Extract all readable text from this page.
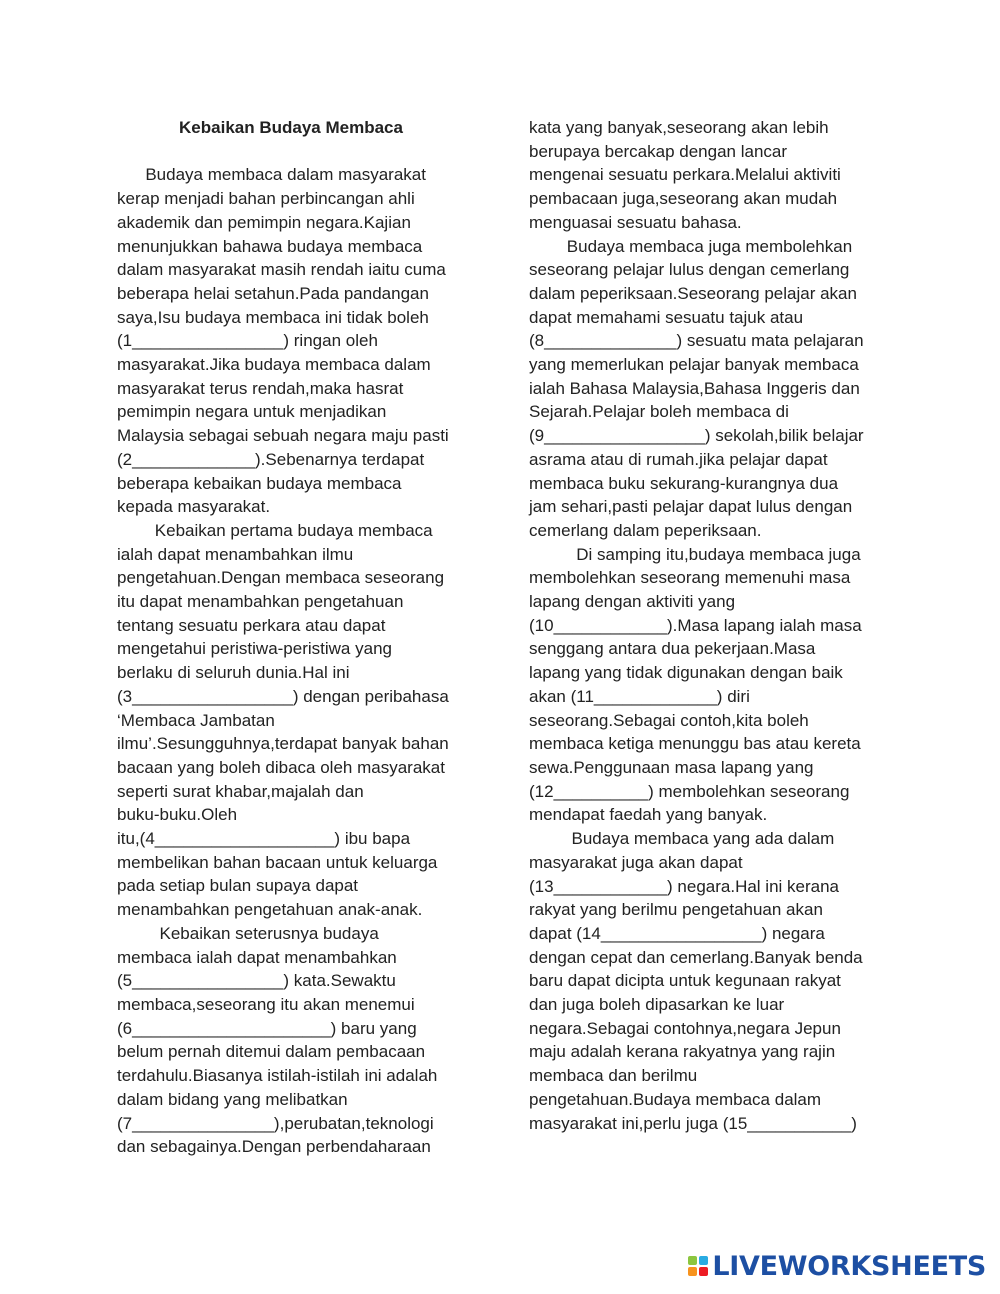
Kebaikan Budaya Membaca
Budaya membaca dalam masyarakat
kerap menjadi bahan perbincangan ahli
akademik dan pemimpin negara.Kajian
menunjukkan bahawa budaya membaca
dalam masyarakat masih rendah iaitu cuma
beberapa helai setahun.Pada pandangan
saya,Isu budaya membaca ini tidak boleh
(1________________) ringan oleh
masyarakat.Jika budaya membaca dalam
masyarakat terus rendah,maka hasrat
pemimpin negara untuk menjadikan
Malaysia sebagai sebuah negara maju pasti
(2_____________).Sebenarnya terdapat
beberapa kebaikan budaya membaca
kepada masyarakat.
Kebaikan pertama budaya membaca
ialah dapat menambahkan ilmu
pengetahuan.Dengan membaca seseorang
itu dapat menambahkan pengetahuan
tentang sesuatu perkara atau dapat
mengetahui peristiwa-peristiwa yang
berlaku di seluruh dunia.Hal ini
(3_________________) dengan peribahasa
‘Membaca Jambatan
ilmu’.Sesungguhnya,terdapat banyak bahan
bacaan yang boleh dibaca oleh masyarakat
seperti surat khabar,majalah dan
buku-buku.Oleh
itu,(4___________________) ibu bapa
membelikan bahan bacaan untuk keluarga
pada setiap bulan supaya dapat
menambahkan pengetahuan anak-anak.
Kebaikan seterusnya budaya
membaca ialah dapat menambahkan
(5________________) kata.Sewaktu
membaca,seseorang itu akan menemui
(6_____________________) baru yang
belum pernah ditemui dalam pembacaan
terdahulu.Biasanya istilah-istilah ini adalah
dalam bidang yang melibatkan
(7_______________),perubatan,teknologi
dan sebagainya.Dengan perbendaharaan
kata yang banyak,seseorang akan lebih
berupaya bercakap dengan lancar
mengenai sesuatu perkara.Melalui aktiviti
pembacaan juga,seseorang akan mudah
menguasai sesuatu bahasa.
Budaya membaca juga membolehkan
seseorang pelajar lulus dengan cemerlang
dalam peperiksaan.Seseorang pelajar akan
dapat memahami sesuatu tajuk atau
(8______________) sesuatu mata pelajaran
yang memerlukan pelajar banyak membaca
ialah Bahasa Malaysia,Bahasa Inggeris dan
Sejarah.Pelajar boleh membaca di
(9_________________) sekolah,bilik belajar
asrama atau di rumah.jika pelajar dapat
membaca buku sekurang-kurangnya dua
jam sehari,pasti pelajar dapat lulus dengan
cemerlang dalam peperiksaan.
Di samping itu,budaya membaca juga
membolehkan seseorang memenuhi masa
lapang dengan aktiviti yang
(10____________).Masa lapang ialah masa
senggang antara dua pekerjaan.Masa
lapang yang tidak digunakan dengan baik
akan (11_____________) diri
seseorang.Sebagai contoh,kita boleh
membaca ketiga menunggu bas atau kereta
sewa.Penggunaan masa lapang yang
(12__________) membolehkan seseorang
mendapat faedah yang banyak.
Budaya membaca yang ada dalam
masyarakat juga akan dapat
(13____________) negara.Hal ini kerana
rakyat yang berilmu pengetahuan akan
dapat (14_________________) negara
dengan cepat dan cemerlang.Banyak benda
baru dapat dicipta untuk kegunaan rakyat
dan juga boleh dipasarkan ke luar
negara.Sebagai contohnya,negara Jepun
maju adalah kerana rakyatnya yang rajin
membaca dan berilmu
pengetahuan.Budaya membaca dalam
masyarakat ini,perlu juga (15___________)
LIVEWORKSHEETS
